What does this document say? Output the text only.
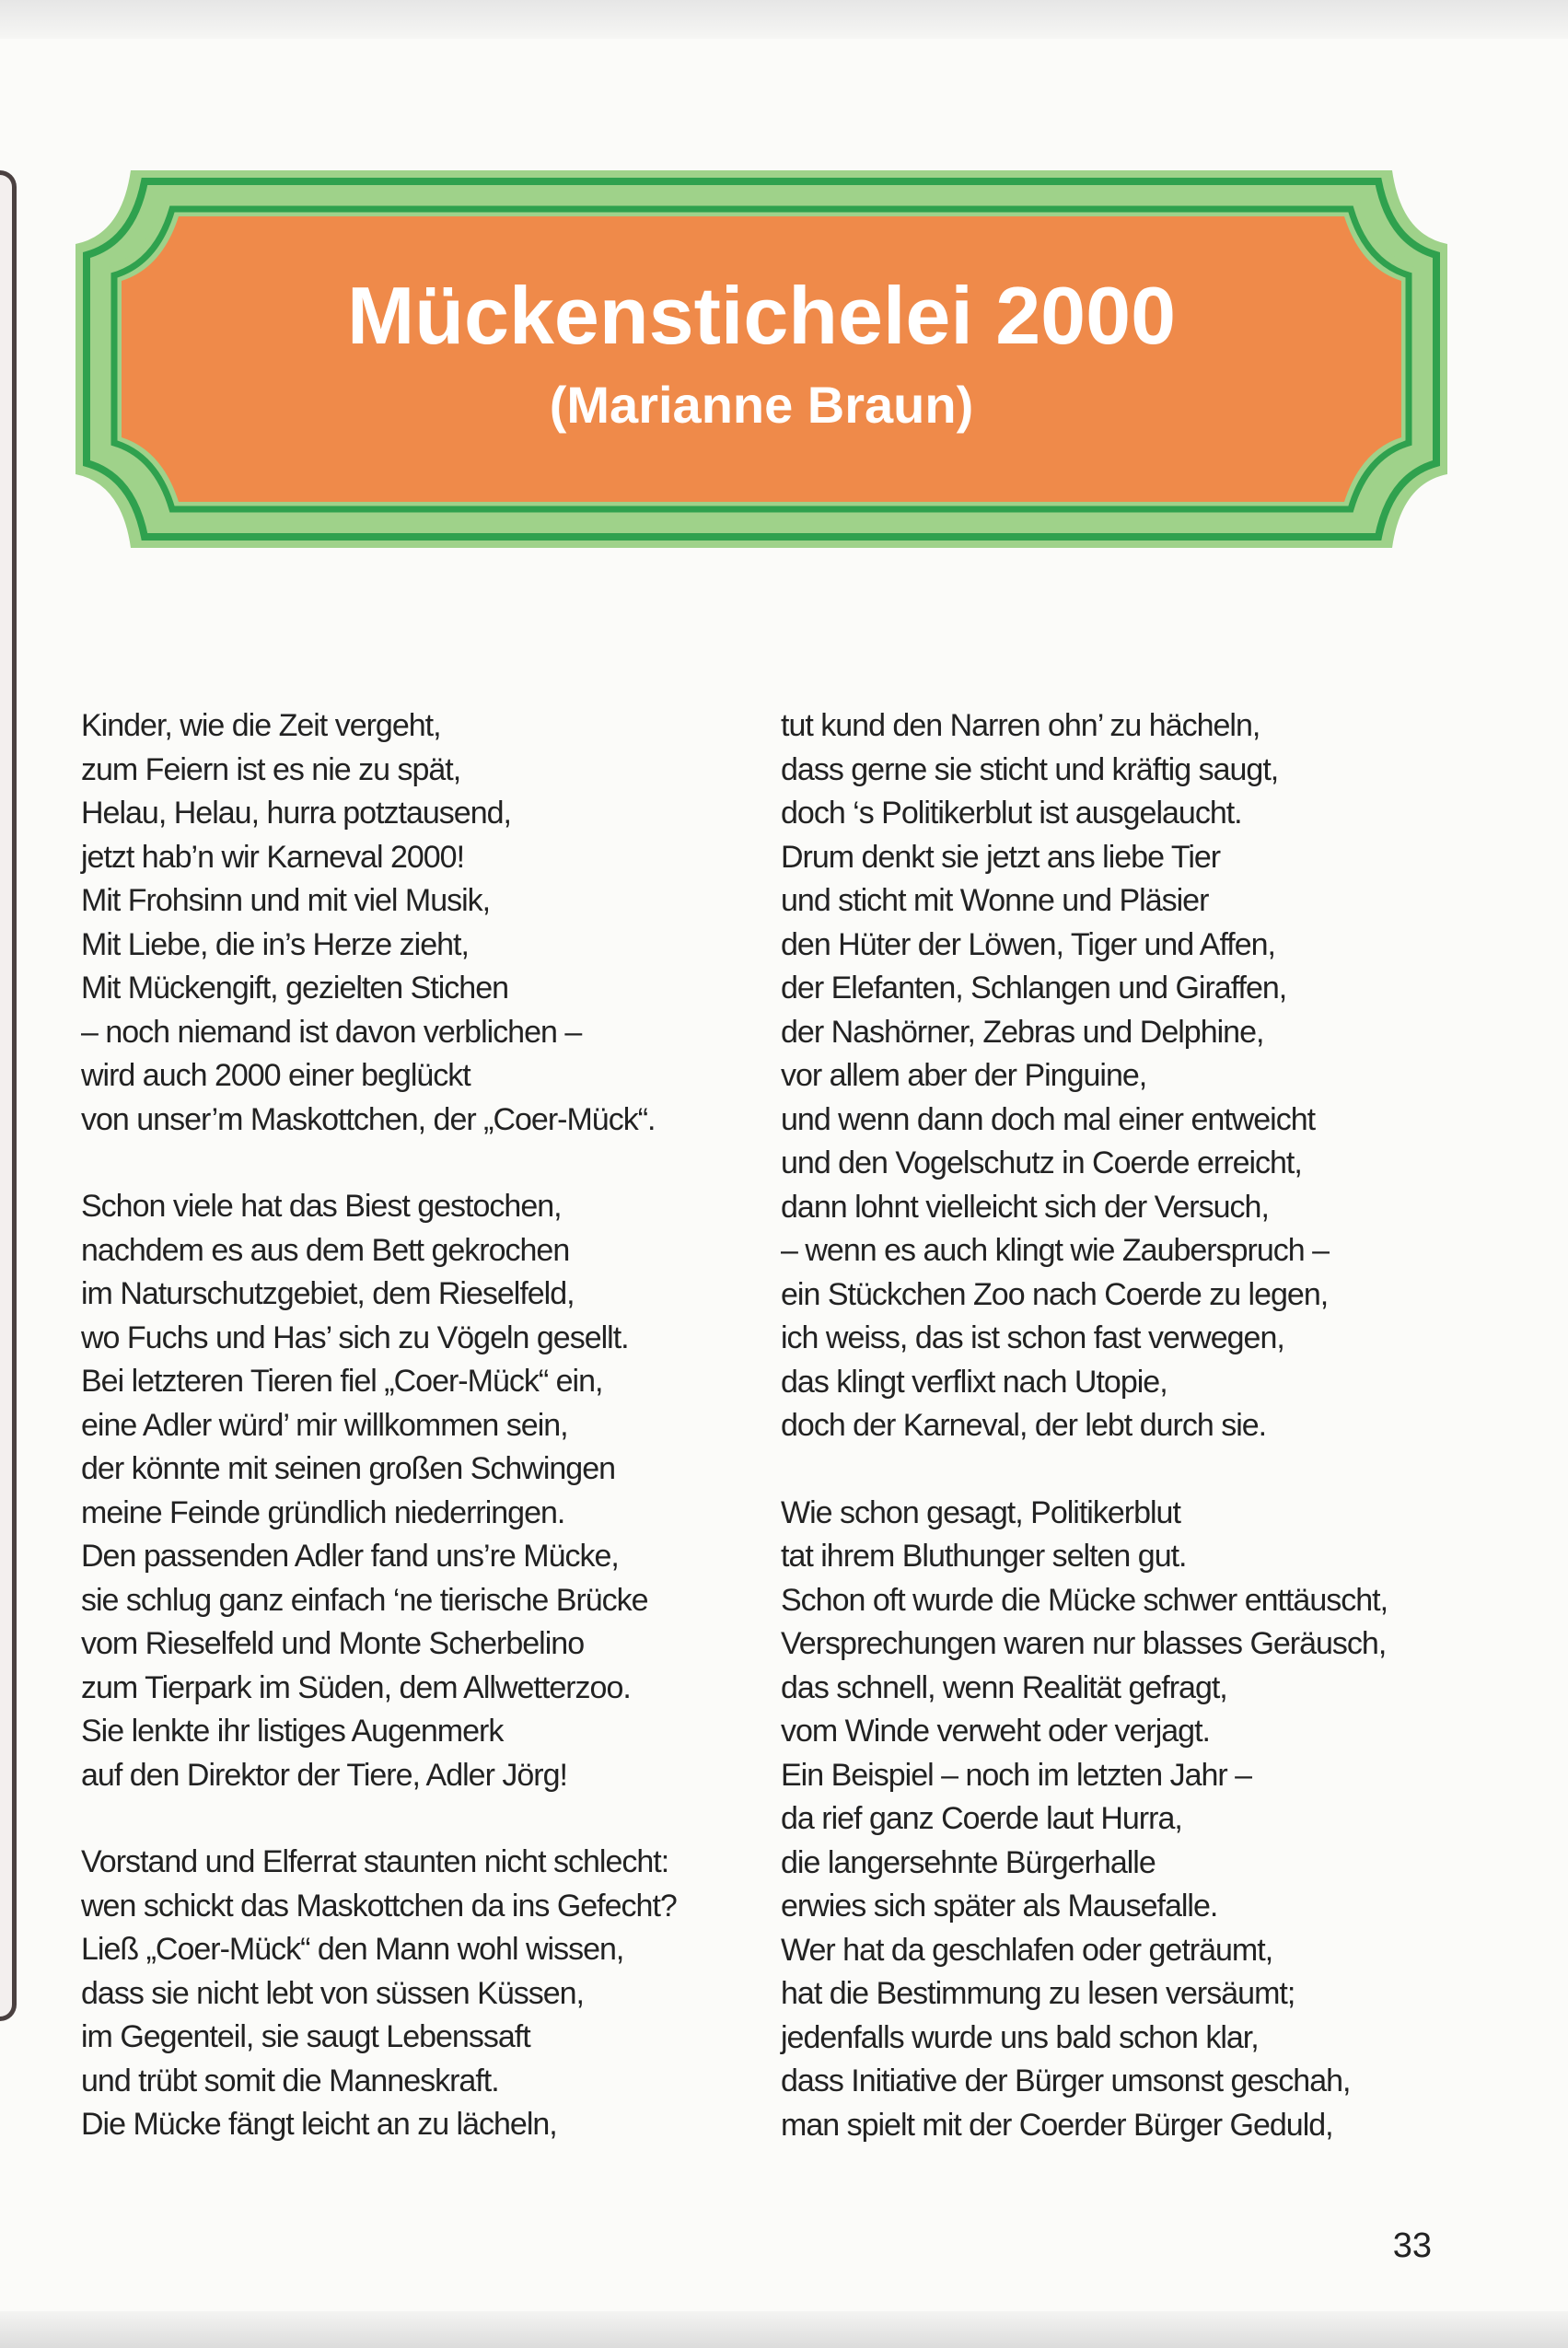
Mückenstichelei 2000
(Marianne Braun)
Kinder, wie die Zeit vergeht,
zum Feiern ist es nie zu spät,
Helau, Helau, hurra potztausend,
jetzt hab’n wir Karneval 2000!
Mit Frohsinn und mit viel Musik,
Mit Liebe, die in’s Herze zieht,
Mit Mückengift, gezielten Stichen
– noch niemand ist davon verblichen –
wird auch 2000 einer beglückt
von unser’m Maskottchen, der „Coer-Mück“.
Schon viele hat das Biest gestochen,
nachdem es aus dem Bett gekrochen
im Naturschutzgebiet, dem Rieselfeld,
wo Fuchs und Has’ sich zu Vögeln gesellt.
Bei letzteren Tieren fiel „Coer-Mück“ ein,
eine Adler würd’ mir willkommen sein,
der könnte mit seinen großen Schwingen
meine Feinde gründlich niederringen.
Den passenden Adler fand uns’re Mücke,
sie schlug ganz einfach ‘ne tierische Brücke
vom Rieselfeld und Monte Scherbelino
zum Tierpark im Süden, dem Allwetterzoo.
Sie lenkte ihr listiges Augenmerk
auf den Direktor der Tiere, Adler Jörg!
Vorstand und Elferrat staunten nicht schlecht:
wen schickt das Maskottchen da ins Gefecht?
Ließ „Coer-Mück“ den Mann wohl wissen,
dass sie nicht lebt von süssen Küssen,
im Gegenteil, sie saugt Lebenssaft
und trübt somit die Manneskraft.
Die Mücke fängt leicht an zu lächeln,
tut kund den Narren ohn’ zu hächeln,
dass gerne sie sticht und kräftig saugt,
doch ‘s Politikerblut ist ausgelaucht.
Drum denkt sie jetzt ans liebe Tier
und sticht mit Wonne und Pläsier
den Hüter der Löwen, Tiger und Affen,
der Elefanten, Schlangen und Giraffen,
der Nashörner, Zebras und Delphine,
vor allem aber der Pinguine,
und wenn dann doch mal einer entweicht
und den Vogelschutz in Coerde erreicht,
dann lohnt vielleicht sich der Versuch,
– wenn es auch klingt wie Zauberspruch –
ein Stückchen Zoo nach Coerde zu legen,
ich weiss, das ist schon fast verwegen,
das klingt verflixt nach Utopie,
doch der Karneval, der lebt durch sie.
Wie schon gesagt, Politikerblut
tat ihrem Bluthunger selten gut.
Schon oft wurde die Mücke schwer enttäuscht,
Versprechungen waren nur blasses Geräusch,
das schnell, wenn Realität gefragt,
vom Winde verweht oder verjagt.
Ein Beispiel – noch im letzten Jahr –
da rief ganz Coerde laut Hurra,
die langersehnte Bürgerhalle
erwies sich später als Mausefalle.
Wer hat da geschlafen oder geträumt,
hat die Bestimmung zu lesen versäumt;
jedenfalls wurde uns bald schon klar,
dass Initiative der Bürger umsonst geschah,
man spielt mit der Coerder Bürger Geduld,
33
